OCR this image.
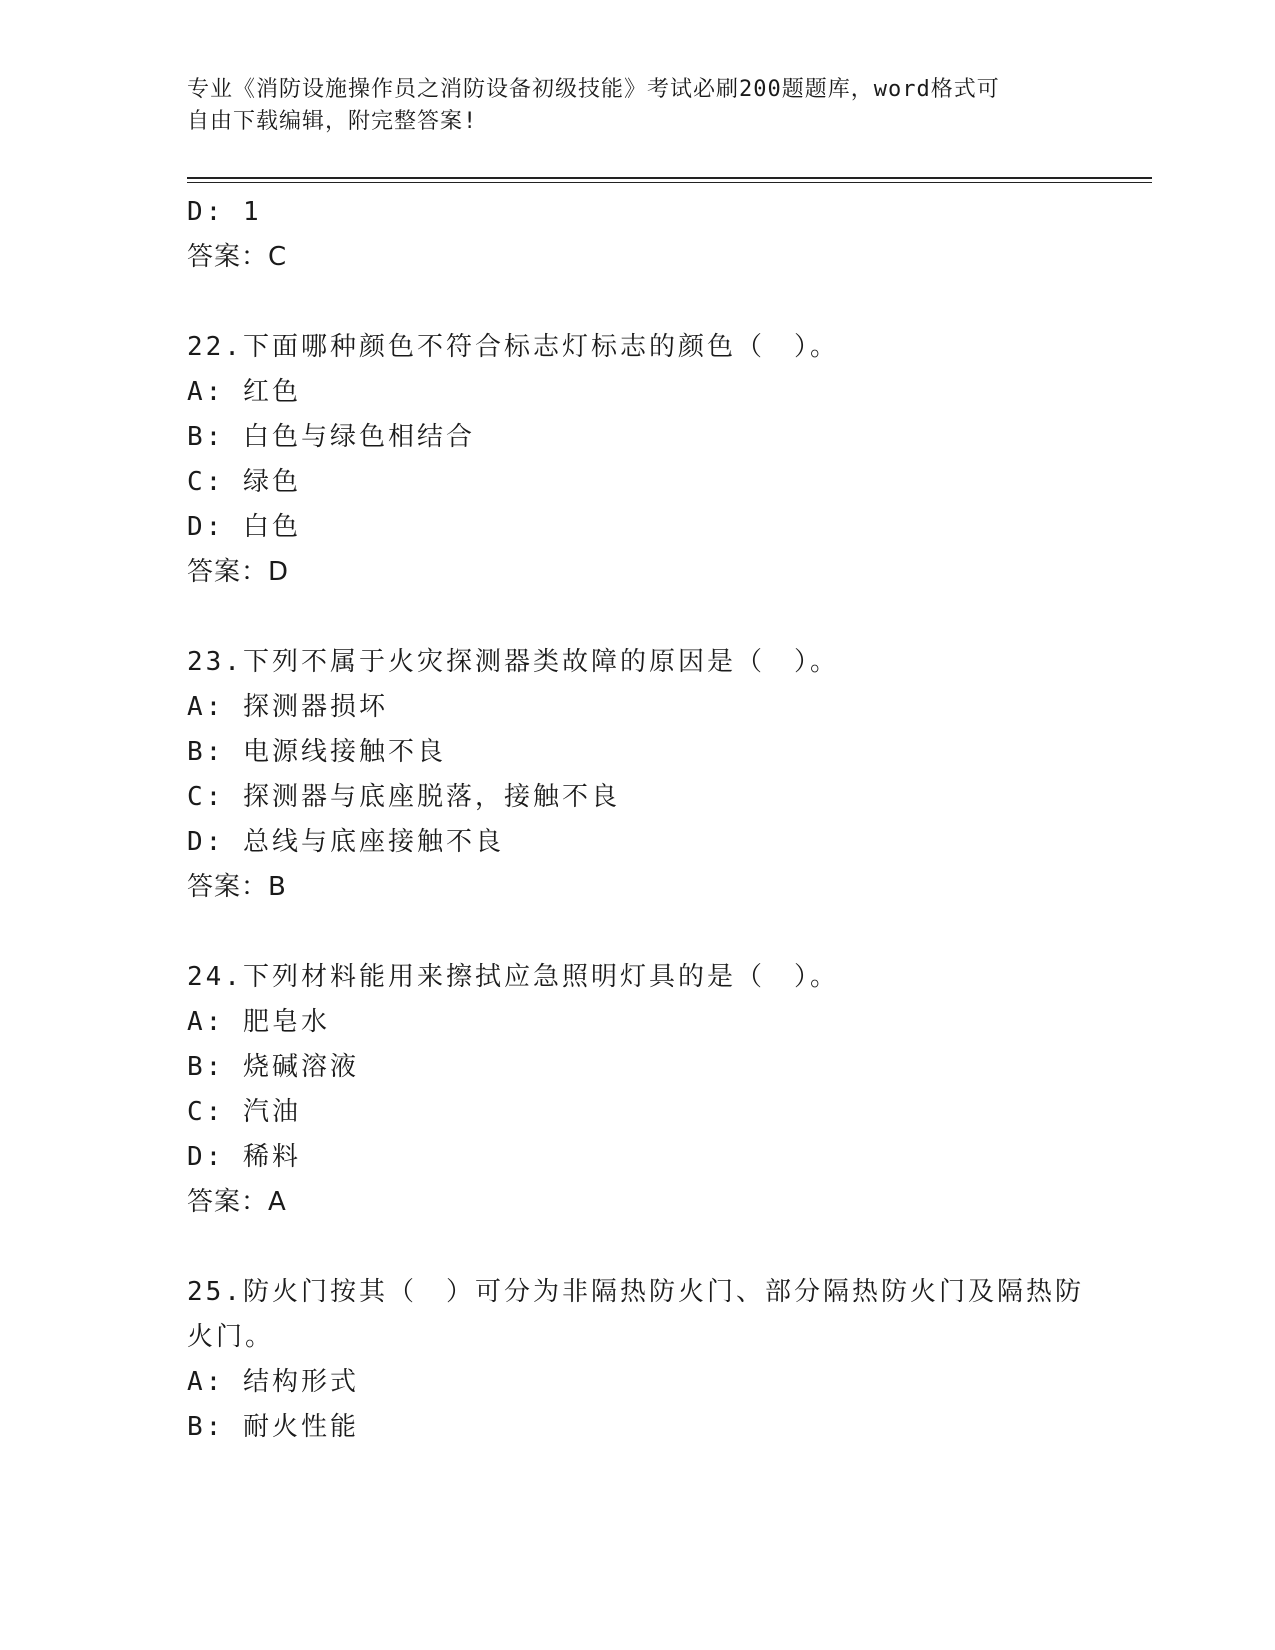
专业《消防设施操作员之消防设备初级技能》考试必刷200题题库，word格式可
自由下载编辑，附完整答案!
D: 1
答案：C
22.下面哪种颜色不符合标志灯标志的颜色（　）。
A: 红色
B: 白色与绿色相结合
C: 绿色
D: 白色
答案：D
23.下列不属于火灾探测器类故障的原因是（　）。
A: 探测器损坏
B: 电源线接触不良
C: 探测器与底座脱落，接触不良
D: 总线与底座接触不良
答案：B
24.下列材料能用来擦拭应急照明灯具的是（　）。
A: 肥皂水
B: 烧碱溶液
C: 汽油
D: 稀料
答案：A
25.防火门按其（　）可分为非隔热防火门、部分隔热防火门及隔热防
火门。
A: 结构形式
B: 耐火性能
